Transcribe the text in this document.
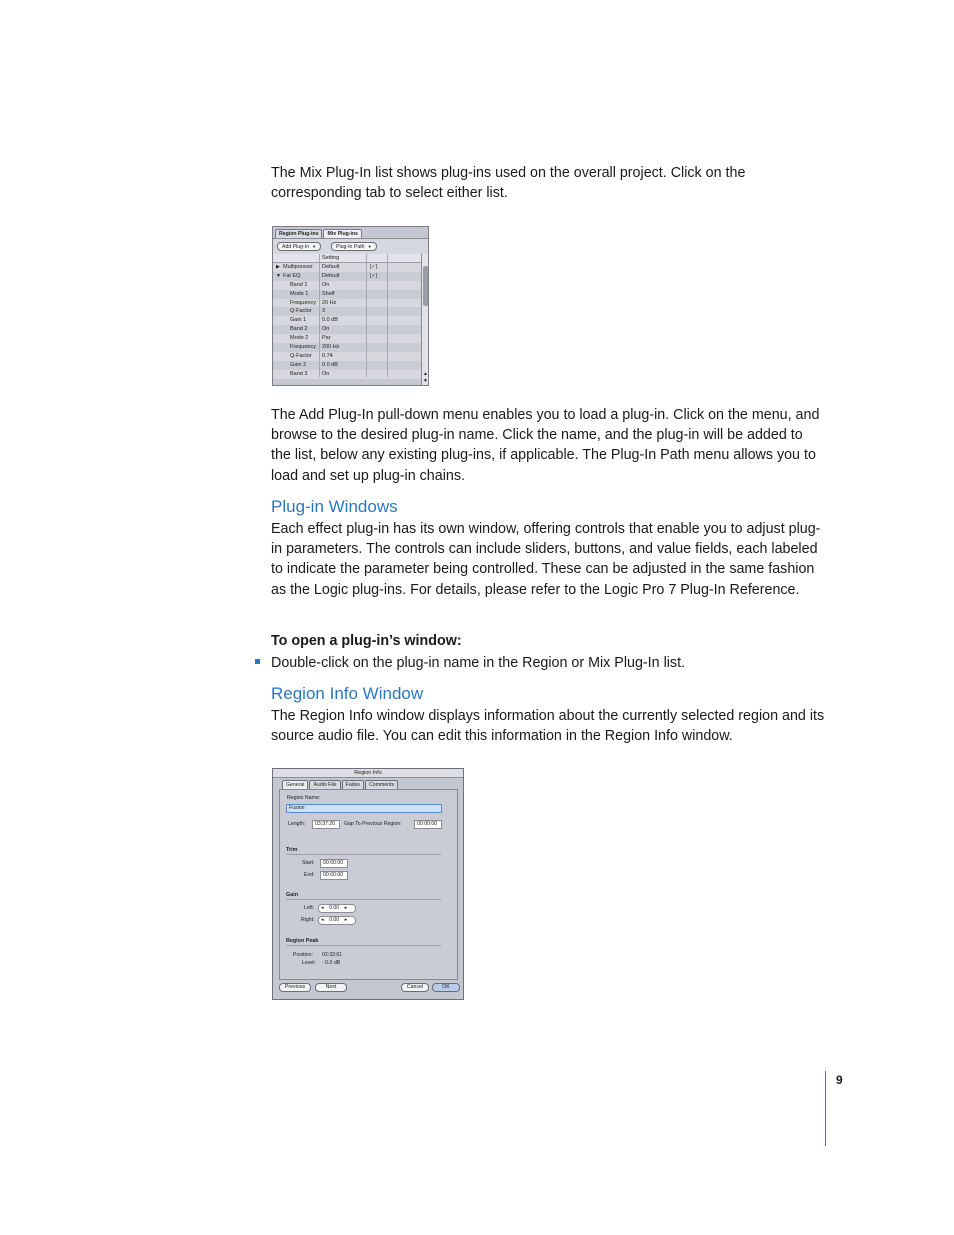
The Mix Plug-In list shows plug-ins used on the overall project. Click on the corresponding tab to select either list.

Region Plug-ins	Mix Plug-ins
Add Plug-In ▼	Plug-In Path ▼
Setting
▶ Multipressor	Default	[✓]
▼ Fat EQ	Default	[✓]
Band 1	On
Mode 1	Shelf
Frequency	20 Hz
Q-Factor	3
Gain 1	0.0 dB
Band 2	On
Mode 2	Par
Frequency	200 Hz
Q-Factor	0.74
Gain 2	0.0 dB
Band 3	On	▲
▼

The Add Plug-In pull-down menu enables you to load a plug-in. Click on the menu, and browse to the desired plug-in name. Click the name, and the plug-in will be added to the list, below any existing plug-ins, if applicable. The Plug-In Path menu allows you to load and set up plug-in chains.

Plug-in Windows

Each effect plug-in has its own window, offering controls that enable you to adjust plug-in parameters. The controls can include sliders, buttons, and value fields, each labeled to indicate the parameter being controlled. These can be adjusted in the same fashion as the Logic plug-ins. For details, please refer to the Logic Pro 7 Plug-In Reference.

To open a plug-in’s window:

Double-click on the plug-in name in the Region or Mix Plug-In list.

Region Info Window

The Region Info window displays information about the currently selected region and its source audio file. You can edit this information in the Region Info window.

Region Info
General	Audio File	Fades	Comments
Region Name:
Fusion
Length:	03:37:20	Gap To Previous Region:	00:00:00
Trim
Start:	00:00:00
End:	00:00:00
Gain
Left:	◂ 0.00 ▸
Right:	◂ 0.00 ▸
Region Peak
Position: 02:32:61
Level: - 0.0 dB
Previous	Next	Cancel	OK
9
